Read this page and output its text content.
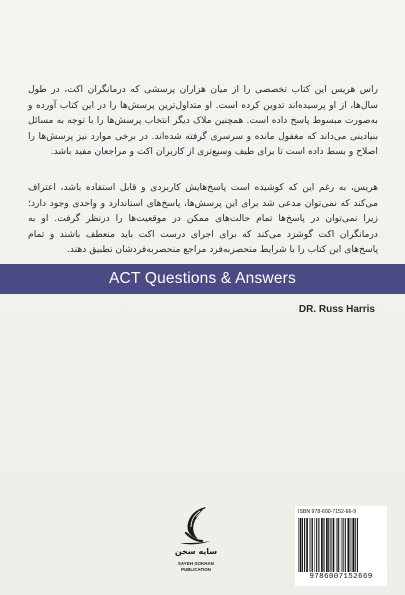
راس هریس این کتاب تخصصی را از میان هزاران پرسشی که درمانگران اکت، در طول سال‌ها، از او پرسیده‌اند تدوین کرده است. او متداول‌ترین پرسش‌ها را در این کتاب آورده و به‌صورت مبسوط پاسخ داده است. همچنین ملاک دیگر انتخاب پرسش‌ها را با توجه به مسائل بنیادینی می‌داند که مغفول مانده و سرسری گرفته شده‌اند. در برخی موارد نیز پرسش‌ها را اصلاح و بسط داده است تا برای طیف وسیع‌تری از کاربران اکت و مراجعان مفید باشد.

هریس، به رغم این که کوشیده است پاسخ‌هایش کاربردی و قابل استفاده باشد، اعتراف می‌کند که نمی‌توان مدعی شد برای این پرسش‌ها، پاسخ‌های استاندارد و واحدی وجود دارد؛ زیرا نمی‌توان در پاسخ‌ها تمام حالت‌های ممکن در موقعیت‌ها را درنظر گرفت. او به درمانگران اکت گوشزد می‌کند که برای اجرای درست اکت باید منعطف باشند و تمام پاسخ‌های این کتاب را با شرایط منحصربه‌فرد مراجع منحصربه‌فردشان تطبیق دهند.

ACT Questions & Answers
DR. Russ Harris
سایه سخن
SAYEH SOKHAN
PUBLICATION
ISBN 978-600-7152-66-9
9786007152669
